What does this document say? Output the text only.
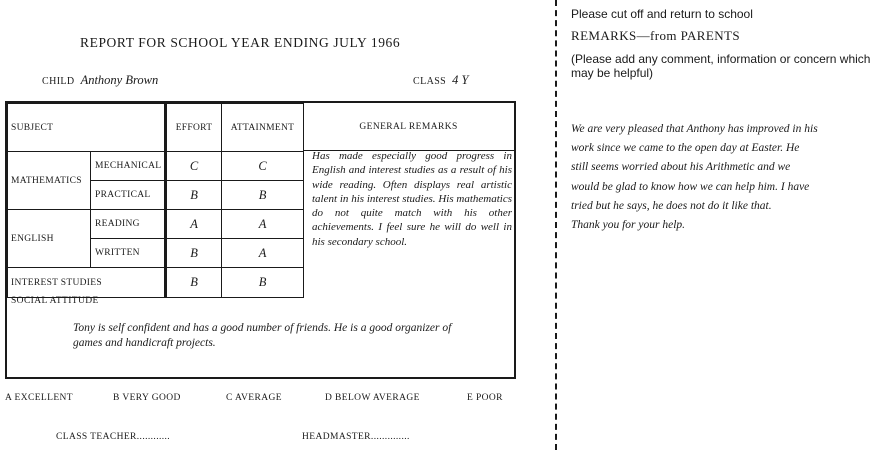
REPORT FOR SCHOOL YEAR ENDING JULY 1966
CHILD Anthony Brown	CLASS 4 Y
SUBJECT		EFFORT	ATTAINMENT
MATHEMATICS	MECHANICAL	C	C
	PRACTICAL	B	B
ENGLISH	READING	A	A
	WRITTEN	B	A
INTEREST STUDIES		B	B
GENERAL REMARKS
Has made especially good progress in English and interest studies as a result of his wide reading. Often displays real artistic talent in his interest studies. His mathematics do not quite match with his other achievements. I feel sure he will do well in his secondary school.
SOCIAL ATTITUDE
Tony is self confident and has a good number of friends. He is a good organizer of games and handicraft projects.
A EXCELLENT	B VERY GOOD	C AVERAGE	D BELOW AVERAGE	E POOR
CLASS TEACHER............	HEADMASTER..............
Please cut off and return to school
REMARKS—from PARENTS
(Please add any comment, information or concern which may be helpful)
We are very pleased that Anthony has improved in his
work since we came to the open day at Easter. He
still seems worried about his Arithmetic and we
would be glad to know how we can help him. I have
tried but he says, he does not do it like that.
Thank you for your help.
